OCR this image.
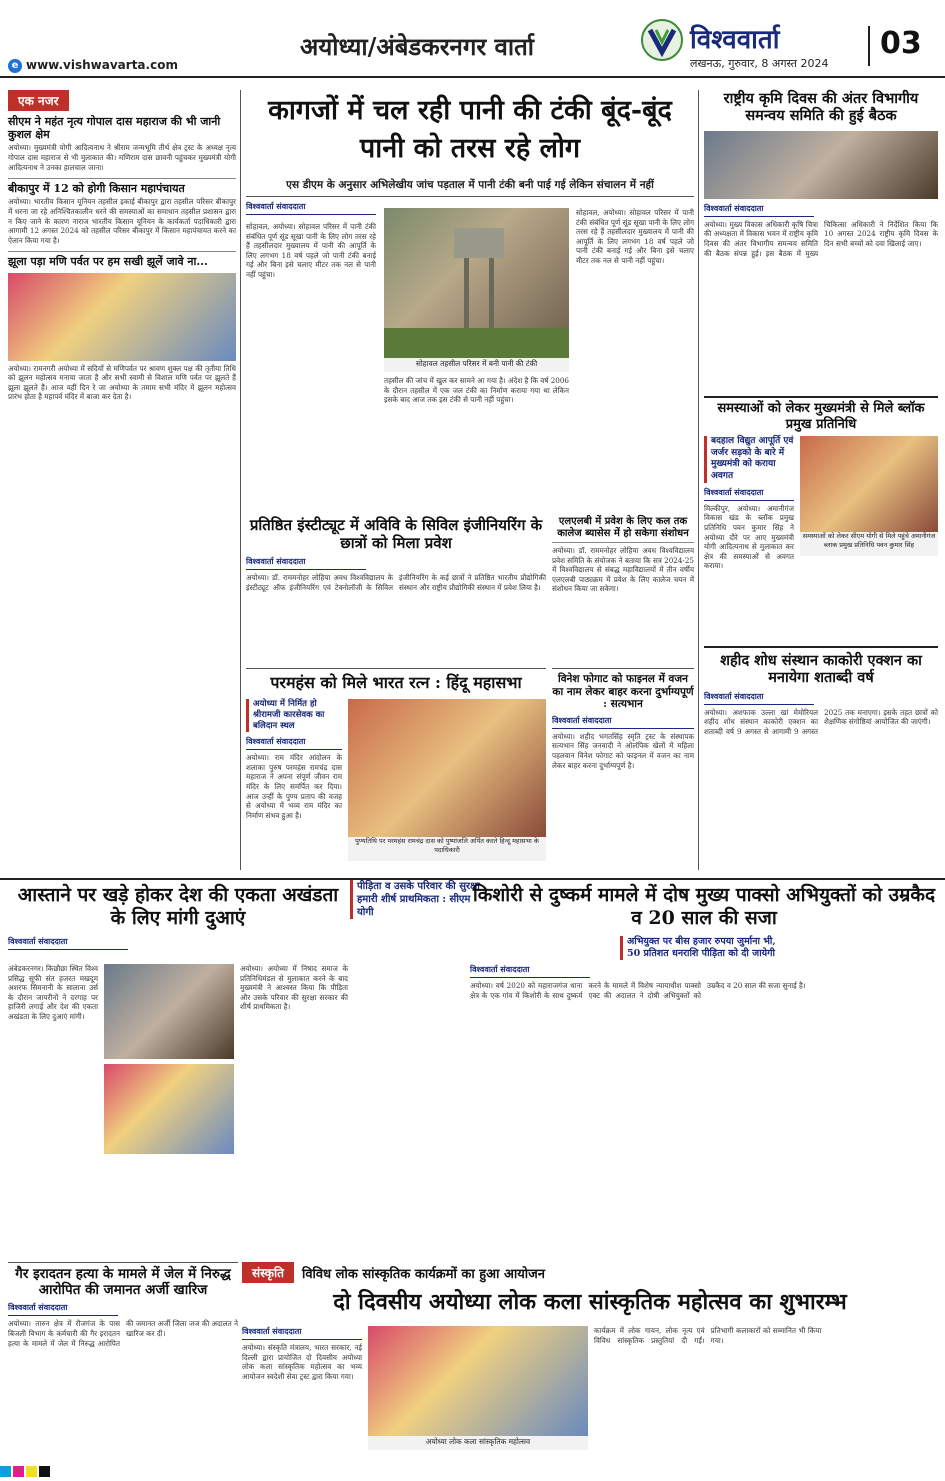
e www.vishwavarta.com
अयोध्या/अंबेडकरनगर वार्ता	विश्ववार्ता
लखनऊ, गुरुवार, 8 अगस्त 2024
03
एक नजर
सीएम ने महंत नृत्य गोपाल दास महाराज की भी जानी कुशल क्षेम
अयोध्या। मुख्यमंत्री योगी आदित्यनाथ ने श्रीराम जन्मभूमि तीर्थ क्षेत्र ट्रस्ट के अध्यक्ष नृत्य गोपाल दास महाराज से भी मुलाकात की। मणिराम दास छावनी पहुंचकर मुख्यमंत्री योगी आदित्यनाथ ने उनका हालचाल जाना।
बीकापुर में 12 को होगी किसान महापंचायत
अयोध्या। भारतीय किसान यूनियन तहसील इकाई बीकापुर द्वारा तहसील परिसर बीकापुर में धरना जा रहे अनिश्चितकालीन धरने की समस्याओं का समाधान तहसील प्रशासन द्वारा न किए जाने के कारण नाराज भारतीय किसान यूनियन के कार्यकर्ता पदाधिकारी द्वारा आगामी 12 अगस्त 2024 को तहसील परिसर बीकापुर में किसान महापंचायत करने का ऐलान किया गया है।
झूला पड़ा मणि पर्वत पर हम सखी झूलें जावे ना...
अयोध्या। रामनगरी अयोध्या में सदियों से मणिपर्वत पर श्रावण शुक्ल पक्ष की तृतीया तिथि को झूलन महोत्सव मनाया जाता है और सभी स्वामी से विशाल मणि पर्वत पर झूलते हैं झूला झूलते हैं। आज यहीं दिन रे जा अयोध्या के तमाम सभी मंदिर में झूलन महोत्सव प्रारंभ होता है महापर्व मंदिर में बाजा कर देता है।
कागजों में चल रही पानी की टंकी बूंद-बूंद पानी को तरस रहे लोग
एस डीएम के अनुसार अभिलेखीय जांच पड़ताल में पानी टंकी बनी पाई गई लेकिन संचालन में नहीं
विश्ववार्ता संवाददाता
सोहावल, अयोध्या। सोहावल परिसर में पानी टंकी संबंधित पूर्ण सूंड सूखा पानी के लिए लोग तरस रहे हैं तहसीलदार मुख्यालय में पानी की आपूर्ति के लिए लगभग 18 वर्ष पहले जो पानी टंकी बनाई गई और बिना इसे चलाए मीटर तक नल से पानी नहीं पहुंचा।
सोहावल तहसील परिसर में बनी पानी की टंकी
तहसील की जांच में खुल कर सामने आ गया है। अंदेश है कि वर्ष 2006 के दौरान तहसील में एक जल टंकी का निर्माण कराया गया था लेकिन इसके बाद आज तक इस टंकी से पानी नहीं पहुंचा।
सोहावल, अयोध्या। सोहावल परिसर में पानी टंकी संबंधित पूर्ण सूंड सूखा पानी के लिए लोग तरस रहे हैं तहसीलदार मुख्यालय में पानी की आपूर्ति के लिए लगभग 18 वर्ष पहले जो पानी टंकी बनाई गई और बिना इसे चलाए मीटर तक नल से पानी नहीं पहुंचा।
राष्ट्रीय कृमि दिवस की अंतर विभागीय समन्वय समिति की हुई बैठक
विश्ववार्ता संवाददाता
अयोध्या। मुख्य विकास अधिकारी कृषि चित्रा की अध्यक्षता में विकास भवन में राष्ट्रीय कृमि दिवस की अंतर विभागीय समन्वय समिति की बैठक संपन्न हुई। इस बैठक में मुख्य चिकित्सा अधिकारी ने निर्देशित किया कि 10 अगस्त 2024 राष्ट्रीय कृमि दिवस के दिन सभी बच्चों को दवा खिलाई जाए।
प्रतिष्ठित इंस्टीट्यूट में अविवि के सिविल इंजीनियरिंग के छात्रों को मिला प्रवेश
विश्ववार्ता संवाददाता
अयोध्या। डॉ. राममनोहर लोहिया अवध विश्वविद्यालय के इंस्टीट्यूट ऑफ इंजीनियरिंग एवं टेक्नोलॉजी के सिविल इंजीनियरिंग के कई छात्रों ने प्रतिष्ठित भारतीय प्रौद्योगिकी संस्थान और राष्ट्रीय प्रौद्योगिकी संस्थान में प्रवेश लिया है।
एलएलबी में प्रवेश के लिए कल तक कालेज ब्यासेस में हो सकेगा संशोधन
अयोध्या। डॉ. राममनोहर लोहिया अवध विश्वविद्यालय प्रवेश समिति के संयोजक ने बताया कि सत्र 2024-25 में विश्वविद्यालय से संबद्ध महाविद्यालयों में तीन वर्षीय एलएलबी पाठ्यक्रम में प्रवेश के लिए कालेज चयन में संशोधन किया जा सकेगा।
समस्याओं को लेकर मुख्यमंत्री से मिले ब्लॉक प्रमुख प्रतिनिधि
बदहाल विद्युत आपूर्ति एवं जर्जर सड़को के बारे में मुख्यमंत्री को कराया अवगत
विश्ववार्ता संवाददाता
मिल्कीपुर, अयोध्या। अमानीगंज विकास खंड के ब्लॉक प्रमुख प्रतिनिधि पवन कुमार सिंह ने अयोध्या दौरे पर आए मुख्यमंत्री योगी आदित्यनाथ से मुलाकात कर क्षेत्र की समस्याओं से अवगत कराया।
समस्याओं को लेकर सीएम योगी से मिले पहुंचे अमानीगंज ब्लाक प्रमुख प्रतिनिधि पवन कुमार सिंह
परमहंस को मिले भारत रत्न : हिंदू महासभा
अयोध्या में निर्मित हो श्रीरामजी कारसेवक का बलिदान स्थल
विश्ववार्ता संवाददाता
अयोध्या। राम मंदिर आंदोलन के शलाका पुरुष परमहंस रामचंद्र दास महाराज ने अपना संपूर्ण जीवन राम मंदिर के लिए समर्पित कर दिया। आज उन्हीं के पुण्य प्रताप की वजह से अयोध्या में भव्य राम मंदिर का निर्माण संभव हुआ है।
पुण्यतिथि पर परमहंस रामचंद्र दास को पुष्पांजलि अर्पित करते हिन्दू महासभा के पदाधिकारी
विनेश फोगाट को फाइनल में वजन का नाम लेकर बाहर करना दुर्भाग्यपूर्ण : सत्यभान
विश्ववार्ता संवाददाता
अयोध्या। शहीद भगतसिंह स्मृति ट्रस्ट के संस्थापक सत्यभान सिंह जनवादी ने ओलंपिक खेलों में महिला पहलवान विनेश फोगाट को फाइनल में वजन का नाम लेकर बाहर करना दुर्भाग्यपूर्ण है।
शहीद शोध संस्थान काकोरी एक्शन का मनायेगा शताब्दी वर्ष
विश्ववार्ता संवाददाता
अयोध्या। अशफाक उल्ला खां मेमोरियल शहीद शोध संस्थान काकोरी एक्शन का शताब्दी वर्ष 9 अगस्त से आगामी 9 अगस्त 2025 तक मनाएगा। इसके तहत छात्रों को शैक्षणिक संगोष्ठियां आयोजित की जाएंगी।
पीड़िता व उसके परिवार की सुरक्षा हमारी शीर्ष प्राथमिकता : सीएम योगी
आस्ताने पर खड़े होकर देश की एकता अखंडता के लिए मांगी दुआएं
विश्ववार्ता संवाददाता
अंबेडकरनगर। किछौछा स्थित विश्व प्रसिद्ध सूफी संत हजरत मखदूम अशरफ सिमनानी के सालाना उर्स के दौरान जायरीनों ने दरगाह पर हाजिरी लगाई और देश की एकता अखंडता के लिए दुआएं मांगी।
अयोध्या। अयोध्या में निषाद समाज के प्रतिनिधिमंडल से मुलाकात करने के बाद मुख्यमंत्री ने आश्वस्त किया कि पीड़िता और उसके परिवार की सुरक्षा सरकार की शीर्ष प्राथमिकता है।
किशोरी से दुष्कर्म मामले में दोष मुख्य पाक्सो अभियुक्तों को उम्रकैद व 20 साल की सजा
अभियुक्त पर बीस हजार रुपया जुर्माना भी, 50 प्रतिशत धनराशि पीड़िता को दी जायेगी
विश्ववार्ता संवाददाता
अयोध्या। वर्ष 2020 को महाराजगंज थाना क्षेत्र के एक गांव में किशोरी के साथ दुष्कर्म करने के मामले में विशेष न्यायाधीश पाक्सो एक्ट की अदालत ने दोषी अभियुक्तों को उम्रकैद व 20 साल की सजा सुनाई है।
गैर इरादतन हत्या के मामले में जेल में निरुद्ध आरोपित की जमानत अर्जी खारिज
विश्ववार्ता संवाददाता
अयोध्या। तारुन क्षेत्र में रौजगंज के पास बिजली विभाग के कर्मचारी की गैर इरादतन हत्या के मामले में जेल में निरुद्ध आरोपित की जमानत अर्जी जिला जज की अदालत ने खारिज कर दी।
संस्कृति	विविध लोक सांस्कृतिक कार्यक्रमों का हुआ आयोजन
दो दिवसीय अयोध्या लोक कला सांस्कृतिक महोत्सव का शुभारम्भ
विश्ववार्ता संवाददाता
अयोध्या। संस्कृति मंत्रालय, भारत सरकार, नई दिल्ली द्वारा प्रायोजित दो दिवसीय अयोध्या लोक कला सांस्कृतिक महोत्सव का भव्य आयोजन स्वदेशी सेवा ट्रस्ट द्वारा किया गया।
अयोध्या लोक कला सांस्कृतिक महोत्सव
कार्यक्रम में लोक गायन, लोक नृत्य एवं विविध सांस्कृतिक प्रस्तुतियां दी गईं। प्रतिभागी कलाकारों को सम्मानित भी किया गया।
